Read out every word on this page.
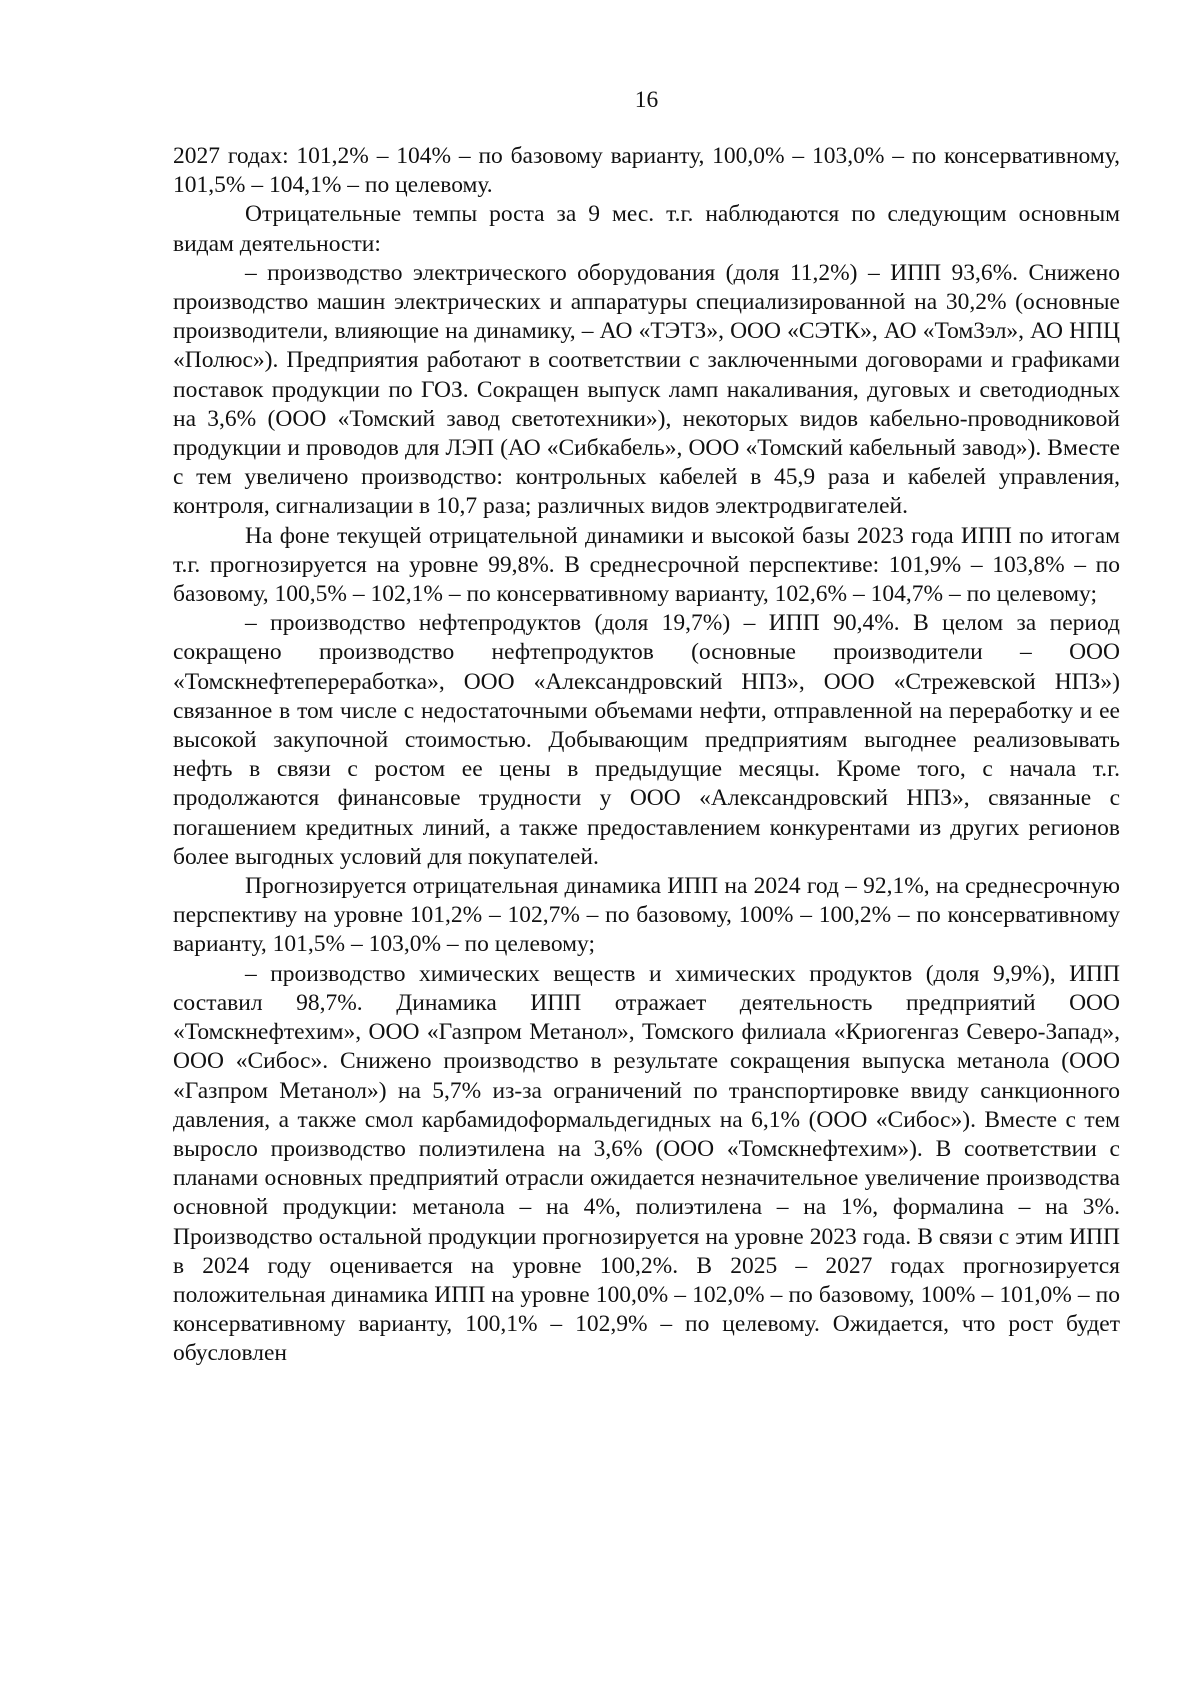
16

2027 годах: 101,2% – 104% – по базовому варианту, 100,0% – 103,0% – по консервативному, 101,5% – 104,1% – по целевому.

Отрицательные темпы роста за 9 мес. т.г. наблюдаются по следующим основным видам деятельности:

– производство электрического оборудования (доля 11,2%) – ИПП 93,6%. Снижено производство машин электрических и аппаратуры специализированной на 30,2% (основные производители, влияющие на динамику, – АО «ТЭТЗ», ООО «СЭТК», АО «ТомЗэл», АО НПЦ «Полюс»). Предприятия работают в соответствии с заключенными договорами и графиками поставок продукции по ГОЗ. Сокращен выпуск ламп накаливания, дуговых и светодиодных на 3,6% (ООО «Томский завод светотехники»), некоторых видов кабельно-проводниковой продукции и проводов для ЛЭП (АО «Сибкабель», ООО «Томский кабельный завод»). Вместе с тем увеличено производство: контрольных кабелей в 45,9 раза и кабелей управления, контроля, сигнализации в 10,7 раза; различных видов электродвигателей.

На фоне текущей отрицательной динамики и высокой базы 2023 года ИПП по итогам т.г. прогнозируется на уровне 99,8%. В среднесрочной перспективе: 101,9% – 103,8% – по базовому, 100,5% – 102,1% – по консервативному варианту, 102,6% – 104,7% – по целевому;

– производство нефтепродуктов (доля 19,7%) – ИПП 90,4%. В целом за период сокращено производство нефтепродуктов (основные производители – ООО «Томскнефтепереработка», ООО «Александровский НПЗ», ООО «Стрежевской НПЗ») связанное в том числе с недостаточными объемами нефти, отправленной на переработку и ее высокой закупочной стоимостью. Добывающим предприятиям выгоднее реализовывать нефть в связи с ростом ее цены в предыдущие месяцы. Кроме того, с начала т.г. продолжаются финансовые трудности у ООО «Александровский НПЗ», связанные с погашением кредитных линий, а также предоставлением конкурентами из других регионов более выгодных условий для покупателей.

Прогнозируется отрицательная динамика ИПП на 2024 год – 92,1%, на среднесрочную перспективу на уровне 101,2% – 102,7% – по базовому, 100% – 100,2% – по консервативному варианту, 101,5% – 103,0% – по целевому;

– производство химических веществ и химических продуктов (доля 9,9%), ИПП составил 98,7%. Динамика ИПП отражает деятельность предприятий ООО «Томскнефтехим», ООО «Газпром Метанол», Томского филиала «Криогенгаз Северо-Запад», ООО «Сибос». Снижено производство в результате сокращения выпуска метанола (ООО «Газпром Метанол») на 5,7% из-за ограничений по транспортировке ввиду санкционного давления, а также смол карбамидоформальдегидных на 6,1% (ООО «Сибос»). Вместе с тем выросло производство полиэтилена на 3,6% (ООО «Томскнефтехим»). В соответствии с планами основных предприятий отрасли ожидается незначительное увеличение производства основной продукции: метанола – на 4%, полиэтилена – на 1%, формалина – на 3%. Производство остальной продукции прогнозируется на уровне 2023 года. В связи с этим ИПП в 2024 году оценивается на уровне 100,2%. В 2025 – 2027 годах прогнозируется положительная динамика ИПП на уровне 100,0% – 102,0% – по базовому, 100% – 101,0% – по консервативному варианту, 100,1% – 102,9% – по целевому. Ожидается, что рост будет обусловлен
